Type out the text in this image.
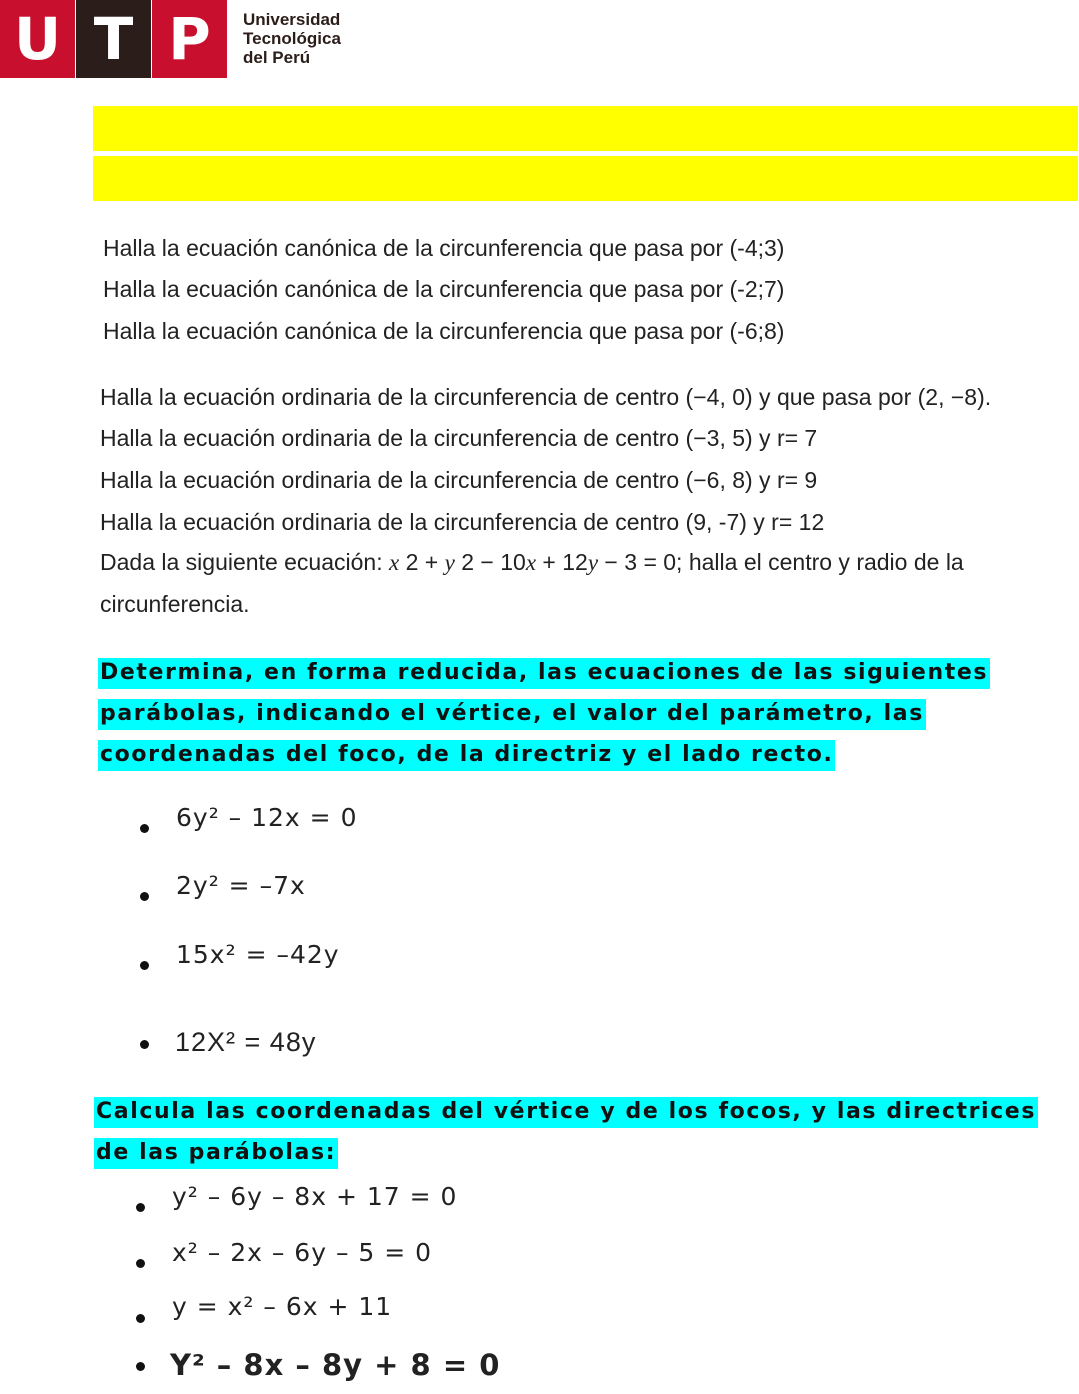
U T P	Universidad
Tecnológica
del Perú
Halla la ecuación canónica de la circunferencia que pasa por (-4;3)
Halla la ecuación canónica de la circunferencia que pasa por (-2;7)
Halla la ecuación canónica de la circunferencia que pasa por (-6;8)
Halla la ecuación ordinaria de la circunferencia de centro (−4, 0) y que pasa por (2, −8).
Halla la ecuación ordinaria de la circunferencia de centro (−3, 5) y r= 7
Halla la ecuación ordinaria de la circunferencia de centro (−6, 8) y r= 9
Halla la ecuación ordinaria de la circunferencia de centro (9, -7) y r= 12
Dada la siguiente ecuación: x 2 + y 2 − 10x + 12y − 3 = 0; halla el centro y radio de la
circunferencia.
Determina, en forma reducida, las ecuaciones de las siguientes
parábolas, indicando el vértice, el valor del parámetro, las
coordenadas del foco, de la directriz y el lado recto.
6y² – 12x = 0
2y² = –7x
15x² = –42y
12X² = 48y
Calcula las coordenadas del vértice y de los focos, y las directrices
de las parábolas:
y² – 6y – 8x + 17 = 0
x² – 2x – 6y – 5 = 0
y = x² – 6x + 11
Y² – 8x – 8y + 8 = 0
